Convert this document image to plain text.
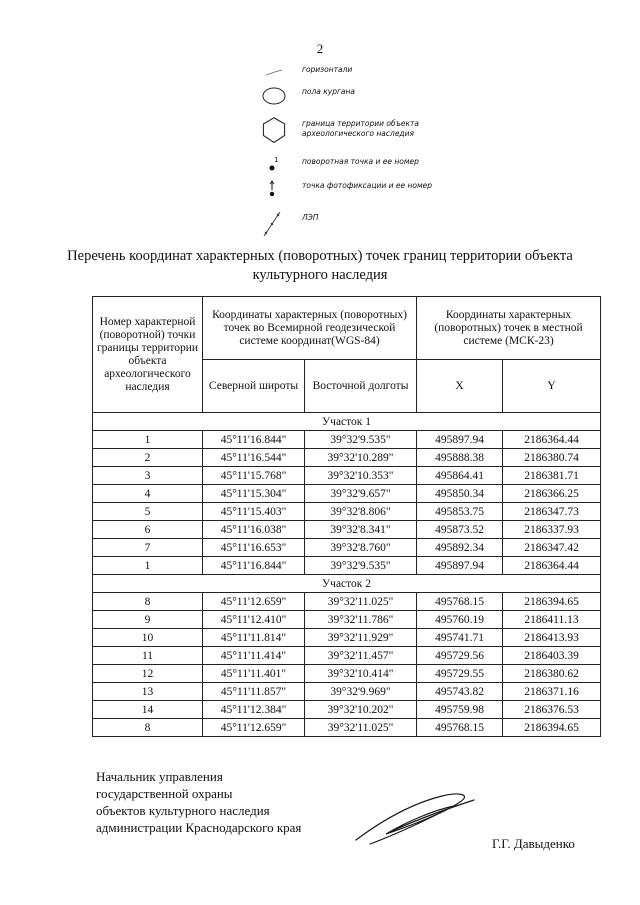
2
горизонтали
пола кургана
граница территории объекта археологического наследия
1	поворотная точка и ее номер
точка фотофиксации и ее номер
ЛЭП
Перечень координат характерных (поворотных) точек границ территории объекта культурного наследия
Номер характерной (поворотной) точки границы территории объекта археологического наследия	Координаты характерных (поворотных) точек во Всемирной геодезической системе координат(WGS-84)		Координаты характерных (поворотных) точек в местной системе (МСК-23)	
	Северной широты	Восточной долготы	X	Y
Участок 1				
1	45°11'16.844"	39°32'9.535"	495897.94	2186364.44
2	45°11'16.544"	39°32'10.289"	495888.38	2186380.74
3	45°11'15.768"	39°32'10.353"	495864.41	2186381.71
4	45°11'15.304"	39°32'9.657"	495850.34	2186366.25
5	45°11'15.403"	39°32'8.806"	495853.75	2186347.73
6	45°11'16.038"	39°32'8.341"	495873.52	2186337.93
7	45°11'16.653"	39°32'8.760"	495892.34	2186347.42
1	45°11'16.844"	39°32'9.535"	495897.94	2186364.44
Участок 2				
8	45°11'12.659"	39°32'11.025"	495768.15	2186394.65
9	45°11'12.410"	39°32'11.786"	495760.19	2186411.13
10	45°11'11.814"	39°32'11.929"	495741.71	2186413.93
11	45°11'11.414"	39°32'11.457"	495729.56	2186403.39
12	45°11'11.401"	39°32'10.414"	495729.55	2186380.62
13	45°11'11.857"	39°32'9.969"	495743.82	2186371.16
14	45°11'12.384"	39°32'10.202"	495759.98	2186376.53
8	45°11'12.659"	39°32'11.025"	495768.15	2186394.65
Начальник управления
государственной охраны
объектов культурного наследия
администрации Краснодарского края
Г.Г. Давыденко
